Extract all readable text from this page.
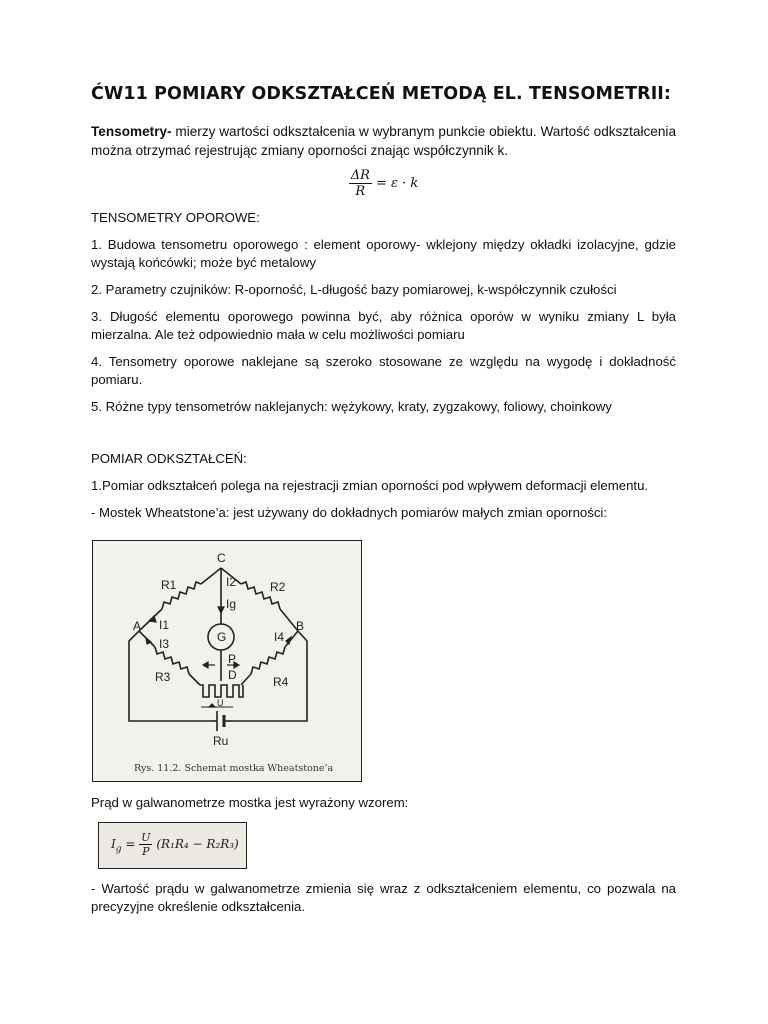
ĆW11 POMIARY ODKSZTAŁCEŃ METODĄ EL. TENSOMETRII:

Tensometry- mierzy wartości odkształcenia w wybranym punkcie obiektu. Wartość odkształcenia można otrzymać rejestrując zmiany oporności znając współczynnik k.

$\frac{\Delta R}{R} = \varepsilon \cdot k$

TENSOMETRY OPOROWE:

1. Budowa tensometru oporowego : element oporowy- wklejony między okładki izolacyjne, gdzie wystają końcówki; może być metalowy

2. Parametry czujników: R-oporność, L-długość bazy pomiarowej, k-współczynnik czułości

3. Długość elementu oporowego powinna być, aby różnica oporów w wyniku zmiany L była mierzalna. Ale też odpowiednio mała w celu możliwości pomiaru

4. Tensometry oporowe naklejane są szeroko stosowane ze względu na wygodę i dokładność pomiaru.

5. Różne typy tensometrów naklejanych: wężykowy, kraty, zygzakowy, foliowy, choinkowy

POMIAR ODKSZTAŁCEŃ:

1.Pomiar odkształceń polega na rejestracji zmian oporności pod wpływem deformacji elementu.

- Mostek Wheatstone’a: jest używany do dokładnych pomiarów małych zmian oporności:

C
R1	R2
I2
Ig
A	B
I1
I3	I4
G
P
D
R3	R4
U
Ru
Rys. 11.2. Schemat mostka Wheatstone’a

Prąd w galwanometrze mostka jest wyrażony wzorem:

$I_g = \frac{U}{P} (R_1R_4 - R_2R_3)$

- Wartość prądu w galwanometrze zmienia się wraz z odkształceniem elementu, co pozwala na precyzyjne określenie odkształcenia.
